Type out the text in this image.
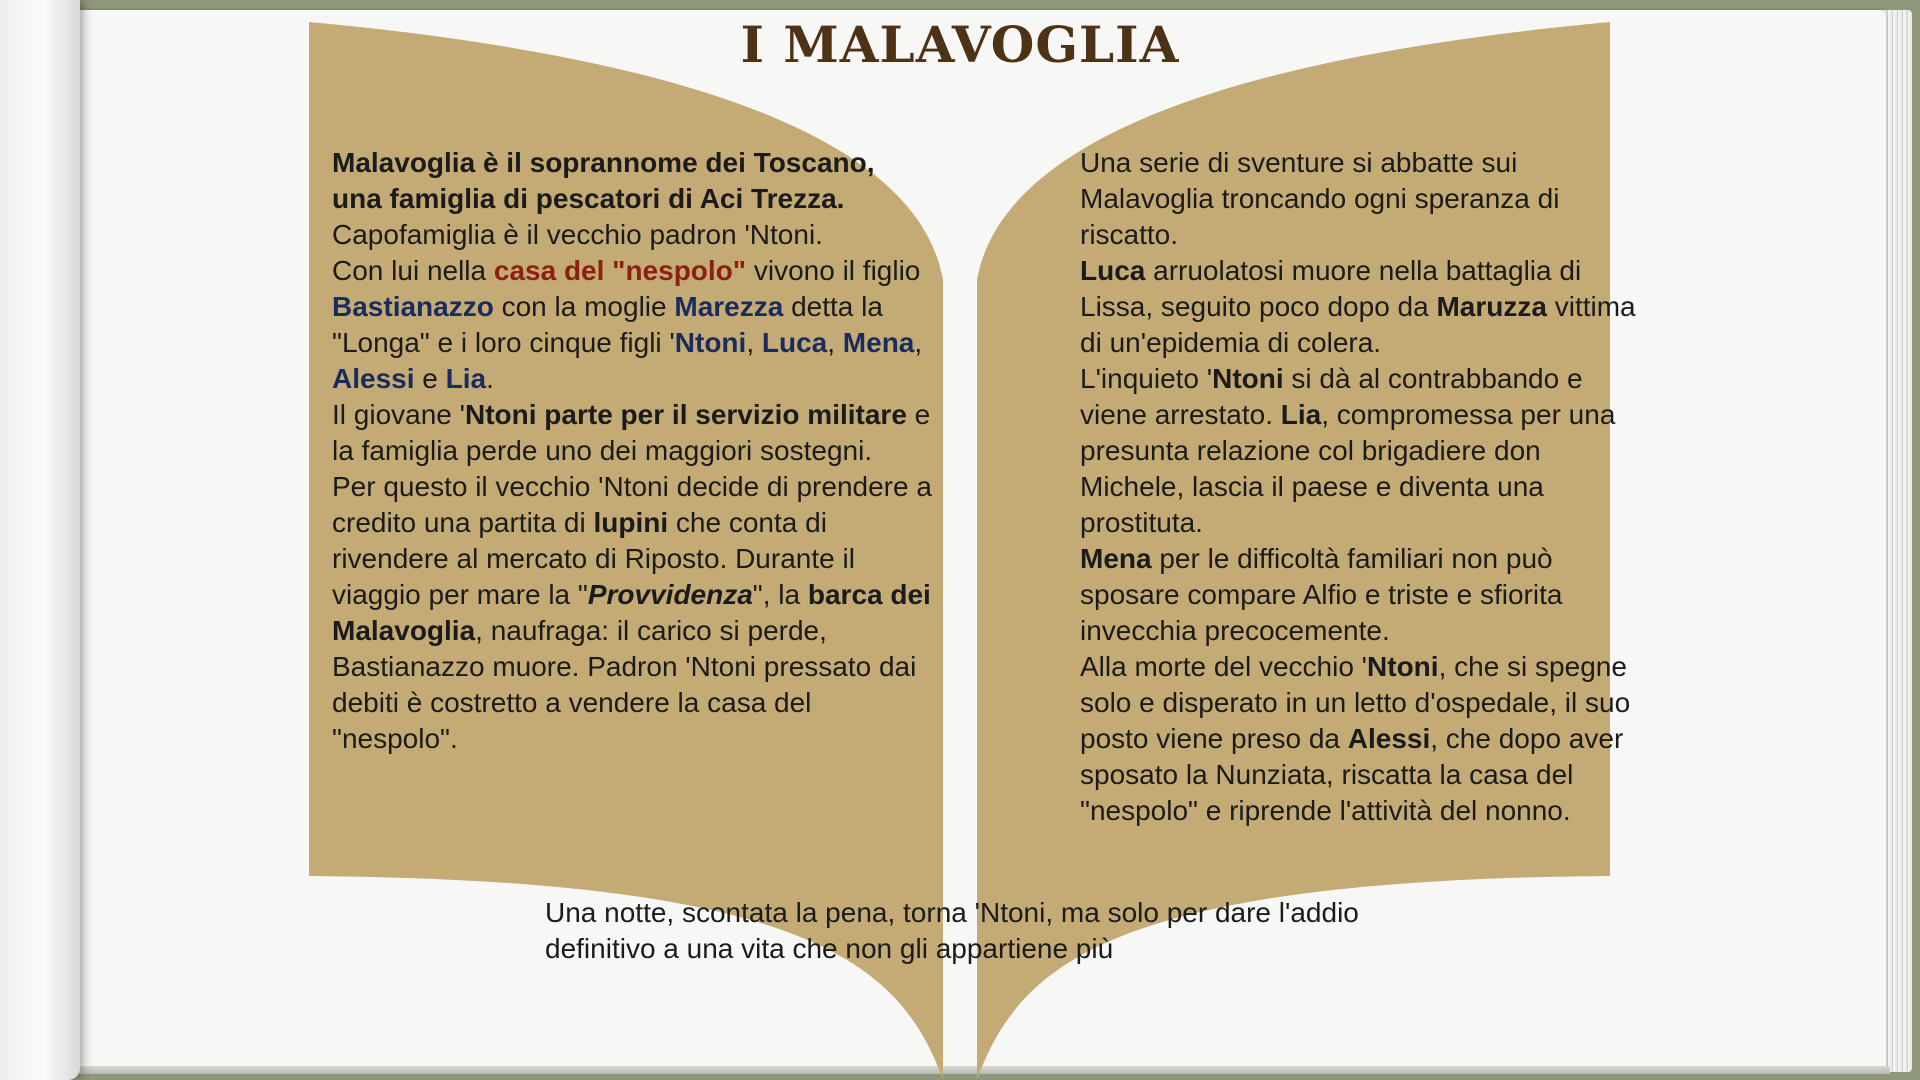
I MALAVOGLIA
Malavoglia è il soprannome dei Toscano, una famiglia di pescatori di Aci Trezza. Capofamiglia è il vecchio padron 'Ntoni.
Con lui nella casa del "nespolo" vivono il figlio Bastianazzo con la moglie Marezza detta la "Longa" e i loro cinque figli 'Ntoni, Luca, Mena, Alessi e Lia.
Il giovane 'Ntoni parte per il servizio militare e la famiglia perde uno dei maggiori sostegni.
Per questo il vecchio 'Ntoni decide di prendere a credito una partita di lupini che conta di rivendere al mercato di Riposto. Durante il viaggio per mare la "Provvidenza", la barca dei Malavoglia, naufraga: il carico si perde, Bastianazzo muore. Padron 'Ntoni pressato dai debiti è costretto a vendere la casa del "nespolo".
Una serie di sventure si abbatte sui Malavoglia troncando ogni speranza di riscatto.
Luca arruolatosi muore nella battaglia di Lissa, seguito poco dopo da Maruzza vittima di un'epidemia di colera.
L'inquieto 'Ntoni si dà al contrabbando e viene arrestato. Lia, compromessa per una presunta relazione col brigadiere don Michele, lascia il paese e diventa una prostituta.
Mena per le difficoltà familiari non può sposare compare Alfio e triste e sfiorita invecchia precocemente.
Alla morte del vecchio 'Ntoni, che si spegne solo e disperato in un letto d'ospedale, il suo posto viene preso da Alessi, che dopo aver sposato la Nunziata, riscatta la casa del "nespolo" e riprende l'attività del nonno.
Una notte, scontata la pena, torna 'Ntoni, ma solo per dare l'addio definitivo a una vita che non gli appartiene più
